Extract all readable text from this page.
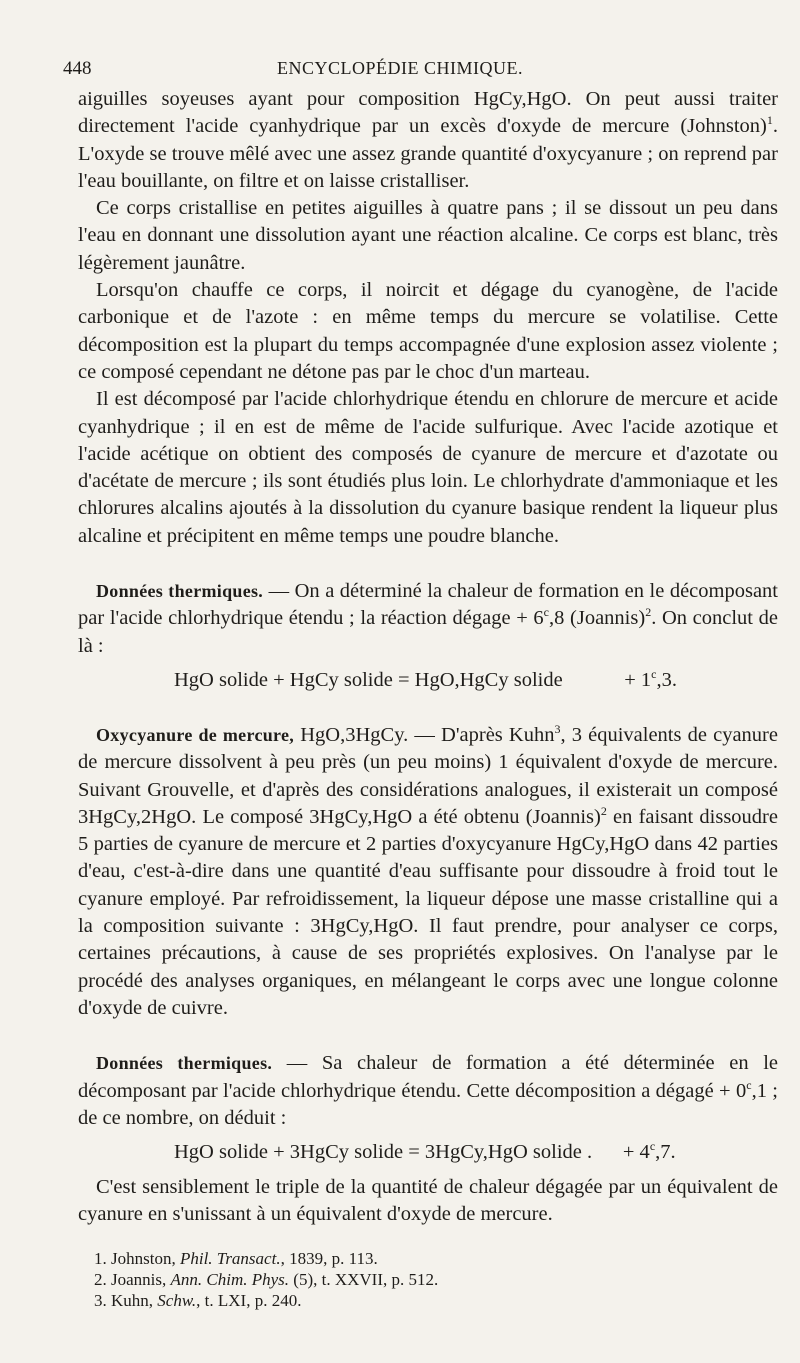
448	ENCYCLOPÉDIE CHIMIQUE.

aiguilles soyeuses ayant pour composition HgCy,HgO. On peut aussi traiter directement l'acide cyanhydrique par un excès d'oxyde de mercure (Johnston)$^1$. L'oxyde se trouve mêlé avec une assez grande quantité d'oxycyanure ; on reprend par l'eau bouillante, on filtre et on laisse cristalliser.

Ce corps cristallise en petites aiguilles à quatre pans ; il se dissout un peu dans l'eau en donnant une dissolution ayant une réaction alcaline. Ce corps est blanc, très légèrement jaunâtre.

Lorsqu'on chauffe ce corps, il noircit et dégage du cyanogène, de l'acide carbonique et de l'azote : en même temps du mercure se volatilise. Cette décomposition est la plupart du temps accompagnée d'une explosion assez violente ; ce composé cependant ne détone pas par le choc d'un marteau.

Il est décomposé par l'acide chlorhydrique étendu en chlorure de mercure et acide cyanhydrique ; il en est de même de l'acide sulfurique. Avec l'acide azotique et l'acide acétique on obtient des composés de cyanure de mercure et d'azotate ou d'acétate de mercure ; ils sont étudiés plus loin. Le chlorhydrate d'ammoniaque et les chlorures alcalins ajoutés à la dissolution du cyanure basique rendent la liqueur plus alcaline et précipitent en même temps une poudre blanche.

Données thermiques. — On a déterminé la chaleur de formation en le décomposant par l'acide chlorhydrique étendu ; la réaction dégage + $6^c,8$ (Joannis)$^2$. On conclut de là :

HgO solide + HgCy solide = HgO,HgCy solide	+ $1^c,3$.

Oxycyanure de mercure, HgO,3HgCy. — D'après Kuhn$^3$, 3 équivalents de cyanure de mercure dissolvent à peu près (un peu moins) 1 équivalent d'oxyde de mercure. Suivant Grouvelle, et d'après des considérations analogues, il existerait un composé 3HgCy,2HgO. Le composé 3HgCy,HgO a été obtenu (Joannis)$^2$ en faisant dissoudre 5 parties de cyanure de mercure et 2 parties d'oxycyanure HgCy,HgO dans 42 parties d'eau, c'est-à-dire dans une quantité d'eau suffisante pour dissoudre à froid tout le cyanure employé. Par refroidissement, la liqueur dépose une masse cristalline qui a la composition suivante : 3HgCy,HgO. Il faut prendre, pour analyser ce corps, certaines précautions, à cause de ses propriétés explosives. On l'analyse par le procédé des analyses organiques, en mélangeant le corps avec une longue colonne d'oxyde de cuivre.

Données thermiques. — Sa chaleur de formation a été déterminée en le décomposant par l'acide chlorhydrique étendu. Cette décomposition a dégagé + $0^c,1$ ; de ce nombre, on déduit :

HgO solide + 3HgCy solide = 3HgCy,HgO solide . + $4^c,7$.

C'est sensiblement le triple de la quantité de chaleur dégagée par un équivalent de cyanure en s'unissant à un équivalent d'oxyde de mercure.

1. Johnston, Phil. Transact., 1839, p. 113.
2. Joannis, Ann. Chim. Phys. (5), t. XXVII, p. 512.
3. Kuhn, Schw., t. LXI, p. 240.
